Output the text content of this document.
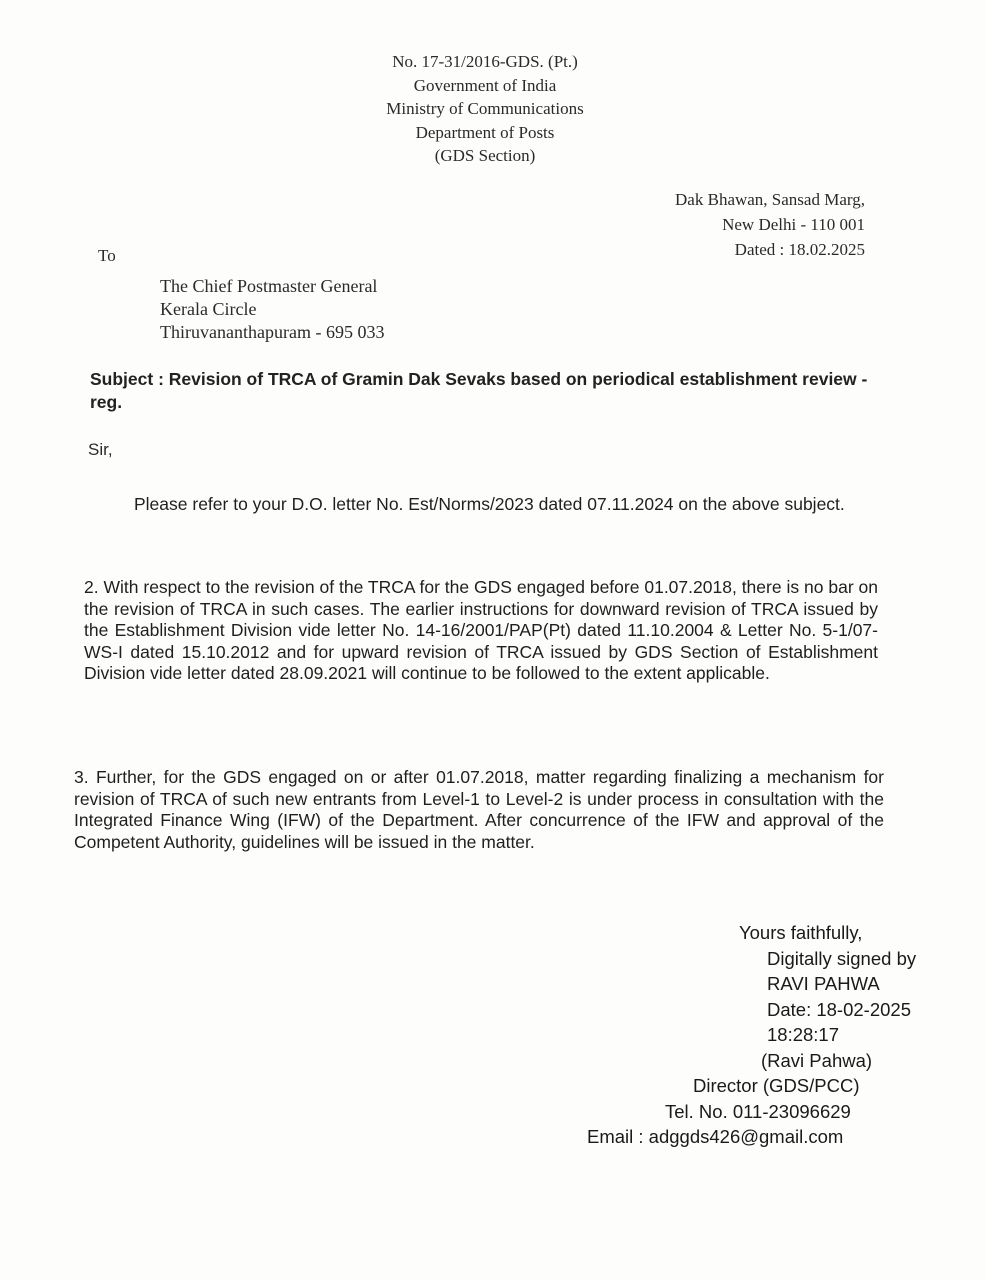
No. 17-31/2016-GDS. (Pt.)
Government of India
Ministry of Communications
Department of Posts
(GDS Section)
Dak Bhawan, Sansad Marg,
New Delhi - 110 001
Dated : 18.02.2025
To
The Chief Postmaster General
Kerala Circle
Thiruvananthapuram - 695 033
Subject : Revision of TRCA of Gramin Dak Sevaks based on periodical establishment review -reg.
Sir,
Please refer to your D.O. letter No. Est/Norms/2023 dated 07.11.2024 on the above subject.
2. With respect to the revision of the TRCA for the GDS engaged before 01.07.2018, there is no bar on the revision of TRCA in such cases. The earlier instructions for downward revision of TRCA issued by the Establishment Division vide letter No. 14-16/2001/PAP(Pt) dated 11.10.2004 & Letter No. 5-1/07-WS-I dated 15.10.2012 and for upward revision of TRCA issued by GDS Section of Establishment Division vide letter dated 28.09.2021 will continue to be followed to the extent applicable.
3. Further, for the GDS engaged on or after 01.07.2018, matter regarding finalizing a mechanism for revision of TRCA of such new entrants from Level-1 to Level-2 is under process in consultation with the Integrated Finance Wing (IFW) of the Department. After concurrence of the IFW and approval of the Competent Authority, guidelines will be issued in the matter.
Yours faithfully,
Digitally signed by
RAVI PAHWA
Date: 18-02-2025
18:28:17
(Ravi Pahwa)
Director (GDS/PCC)
Tel. No. 011-23096629
Email : adggds426@gmail.com
